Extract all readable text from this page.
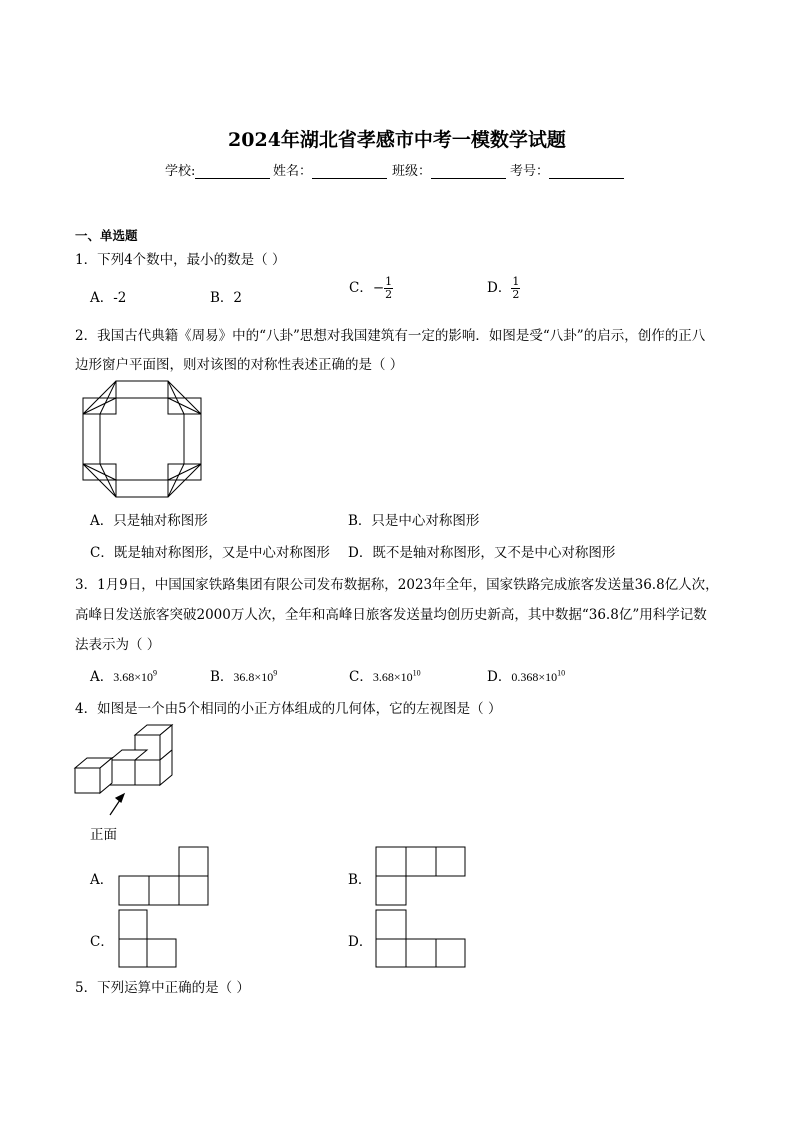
2024年湖北省孝感市中考一模数学试题
学校:	姓名：	班级：	考号：
一、单选题
1．下列4个数中，最小的数是（ ）
A．-2	B．2
C．− $\frac{1}{2}$	D． $\frac{1}{2}$
2．我国古代典籍《周易》中的“八卦”思想对我国建筑有一定的影响．如图是受“八卦”的启示，创作的正八
边形窗户平面图，则对该图的对称性表述正确的是（ ）
A．只是轴对称图形	B．只是中心对称图形
C．既是轴对称图形，又是中心对称图形 D．既不是轴对称图形，又不是中心对称图形
3．1月9日，中国国家铁路集团有限公司发布数据称，2023年全年，国家铁路完成旅客发送量36.8亿人次，
高峰日发送旅客突破2000万人次，全年和高峰日旅客发送量均创历史新高，其中数据“36.8亿”用科学记数
法表示为（ ）
A．$3.68\times 10^9$	B．$36.8\times 10^9$	C．$3.68\times 10^{10}$	D．$0.368\times 10^{10}$
4．如图是一个由5个相同的小正方体组成的几何体，它的左视图是（ ）
正面
A．	B．
C．	D．
5．下列运算中正确的是（ ）
